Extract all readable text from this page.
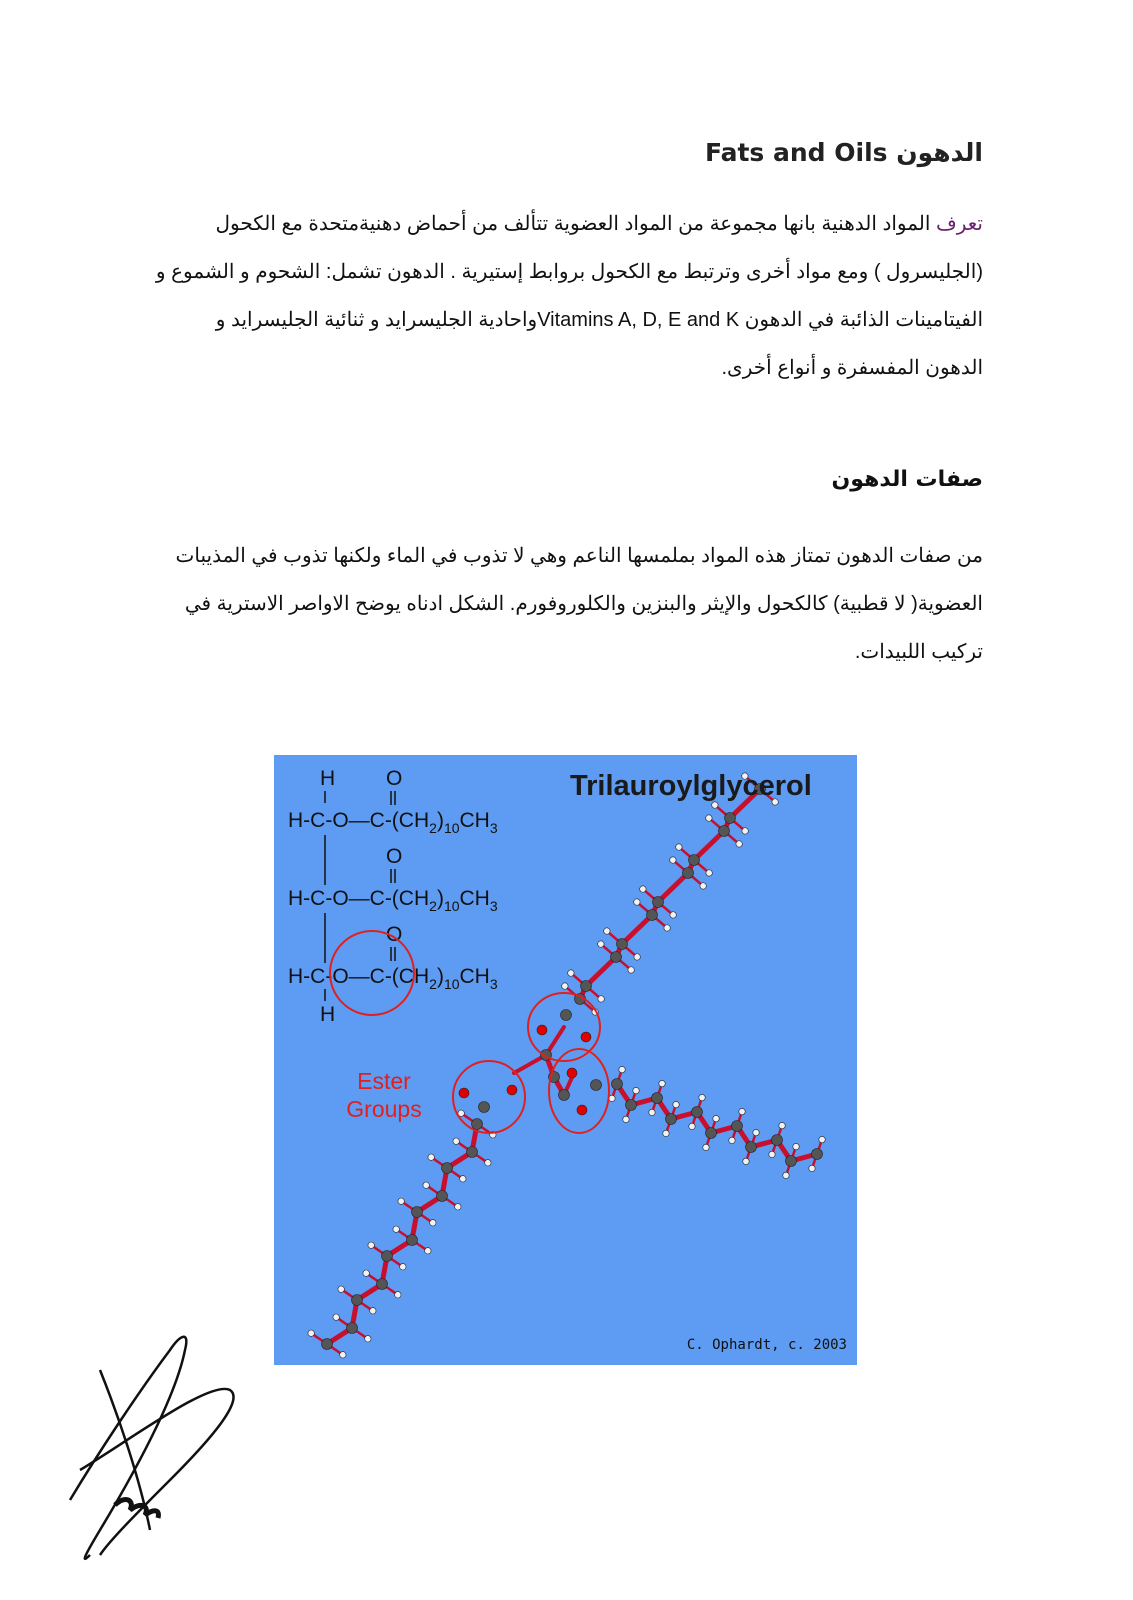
الدهون Fats and Oils
تعرف المواد الدهنية بانها مجموعة من المواد العضوية تتألف من أحماض دهنيةمتحدة مع الكحول
(الجليسرول ) ومع مواد أخرى وترتبط مع الكحول بروابط إستيرية . الدهون تشمل: الشحوم و الشموع و
الفيتامينات الذائبة في الدهون Vitamins A, D, E and Kواحادية الجليسرايد و ثنائية الجليسرايد و
الدهون المفسفرة و أنواع أخرى.
صفات الدهون
من صفات الدهون تمتاز هذه المواد بملمسها الناعم وهي لا تذوب في الماء ولكنها تذوب في المذيبات
العضوية( لا قطبية) كالكحول والإيثر والبنزين والكلوروفورم. الشكل ادناه يوضح الاواصر الاسترية في
تركيب اللبيدات.
H O
$H-C-O—C-(CH_2)_{10}CH_3$
O
$H-C-O—C-(CH_2)_{10}CH_3$
O
$H-C-O—C-(CH_2)_{10}CH_3$
H
Trilauroylglycerol
Ester
Groups
C. Ophardt, c. 2003
